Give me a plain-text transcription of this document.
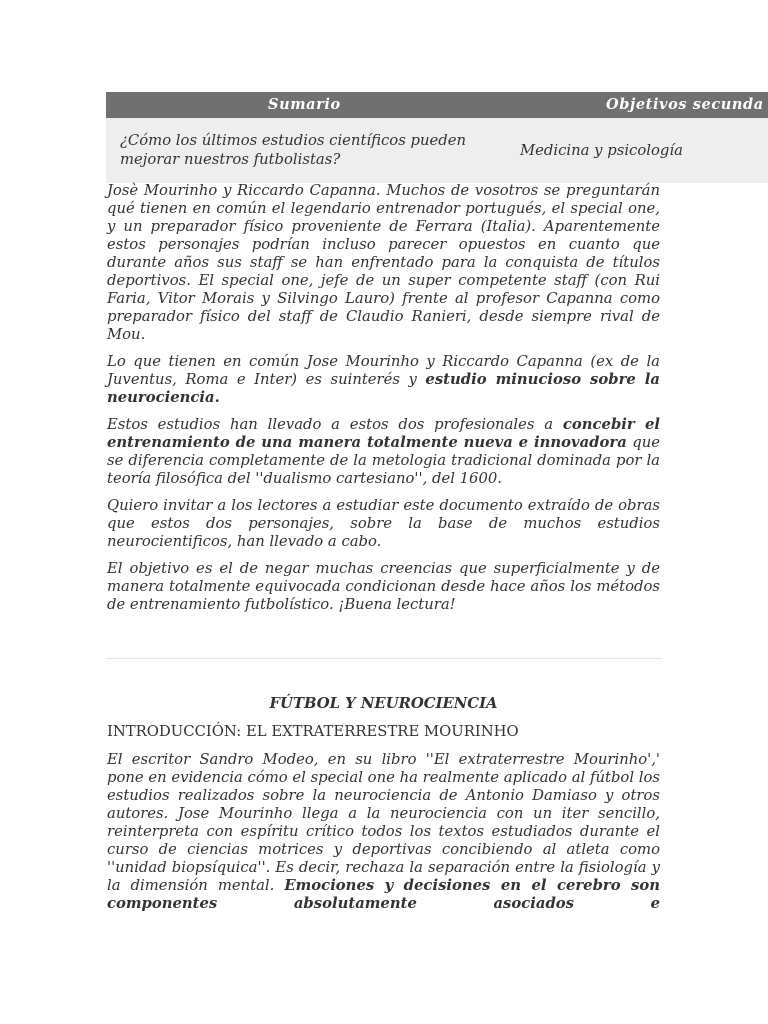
Sumario	Objetivos secunda
¿Cómo los últimos estudios científicos pueden mejorar nuestros futbolistas?
Medicina y psicología

Josè Mourinho y Riccardo Capanna. Muchos de vosotros se preguntarán qué tienen en común el legendario entrenador portugués, el special one, y un preparador físico proveniente de Ferrara (Italia). Aparentemente estos personajes podrían incluso parecer opuestos en cuanto que durante años sus staff se han enfrentado para la conquista de títulos deportivos. El special one, jefe de un super competente staff (con Rui Faria, Vitor Morais y Silvingo Lauro) frente al profesor Capanna como preparador físico del staff de Claudio Ranieri, desde siempre rival de Mou.

Lo que tienen en común Jose Mourinho y Riccardo Capanna (ex de la Juventus, Roma e Inter) es suinterés y estudio minucioso sobre la neurociencia.

Estos estudios han llevado a estos dos profesionales a concebir el entrenamiento de una manera totalmente nueva e innovadora que se diferencia completamente de la metologia tradicional dominada por la teoría filosófica del ''dualismo cartesiano'', del 1600.

Quiero invitar a los lectores a estudiar este documento extraído de obras que estos dos personajes, sobre la base de muchos estudios neurocientificos, han llevado a cabo.

El objetivo es el de negar muchas creencias que superficialmente y de manera totalmente equivocada condicionan desde hace años los métodos de entrenamiento futbolístico. ¡Buena lectura!

FÚTBOL Y NEUROCIENCIA

INTRODUCCIÓN: EL EXTRATERRESTRE MOURINHO

El escritor Sandro Modeo, en su libro ''El extraterrestre Mourinho',' pone en evidencia cómo el special one ha realmente aplicado al fútbol los estudios realizados sobre la neurociencia de Antonio Damiaso y otros autores. Jose Mourinho llega a la neurociencia con un iter sencillo, reinterpreta con espíritu crítico todos los textos estudiados durante el curso de ciencias motrices y deportivas concibiendo al atleta como ''unidad biopsíquica''. Es decir, rechaza la separación entre la fisiología y la dimensión mental. Emociones y decisiones en el cerebro son componentes absolutamente asociados e
